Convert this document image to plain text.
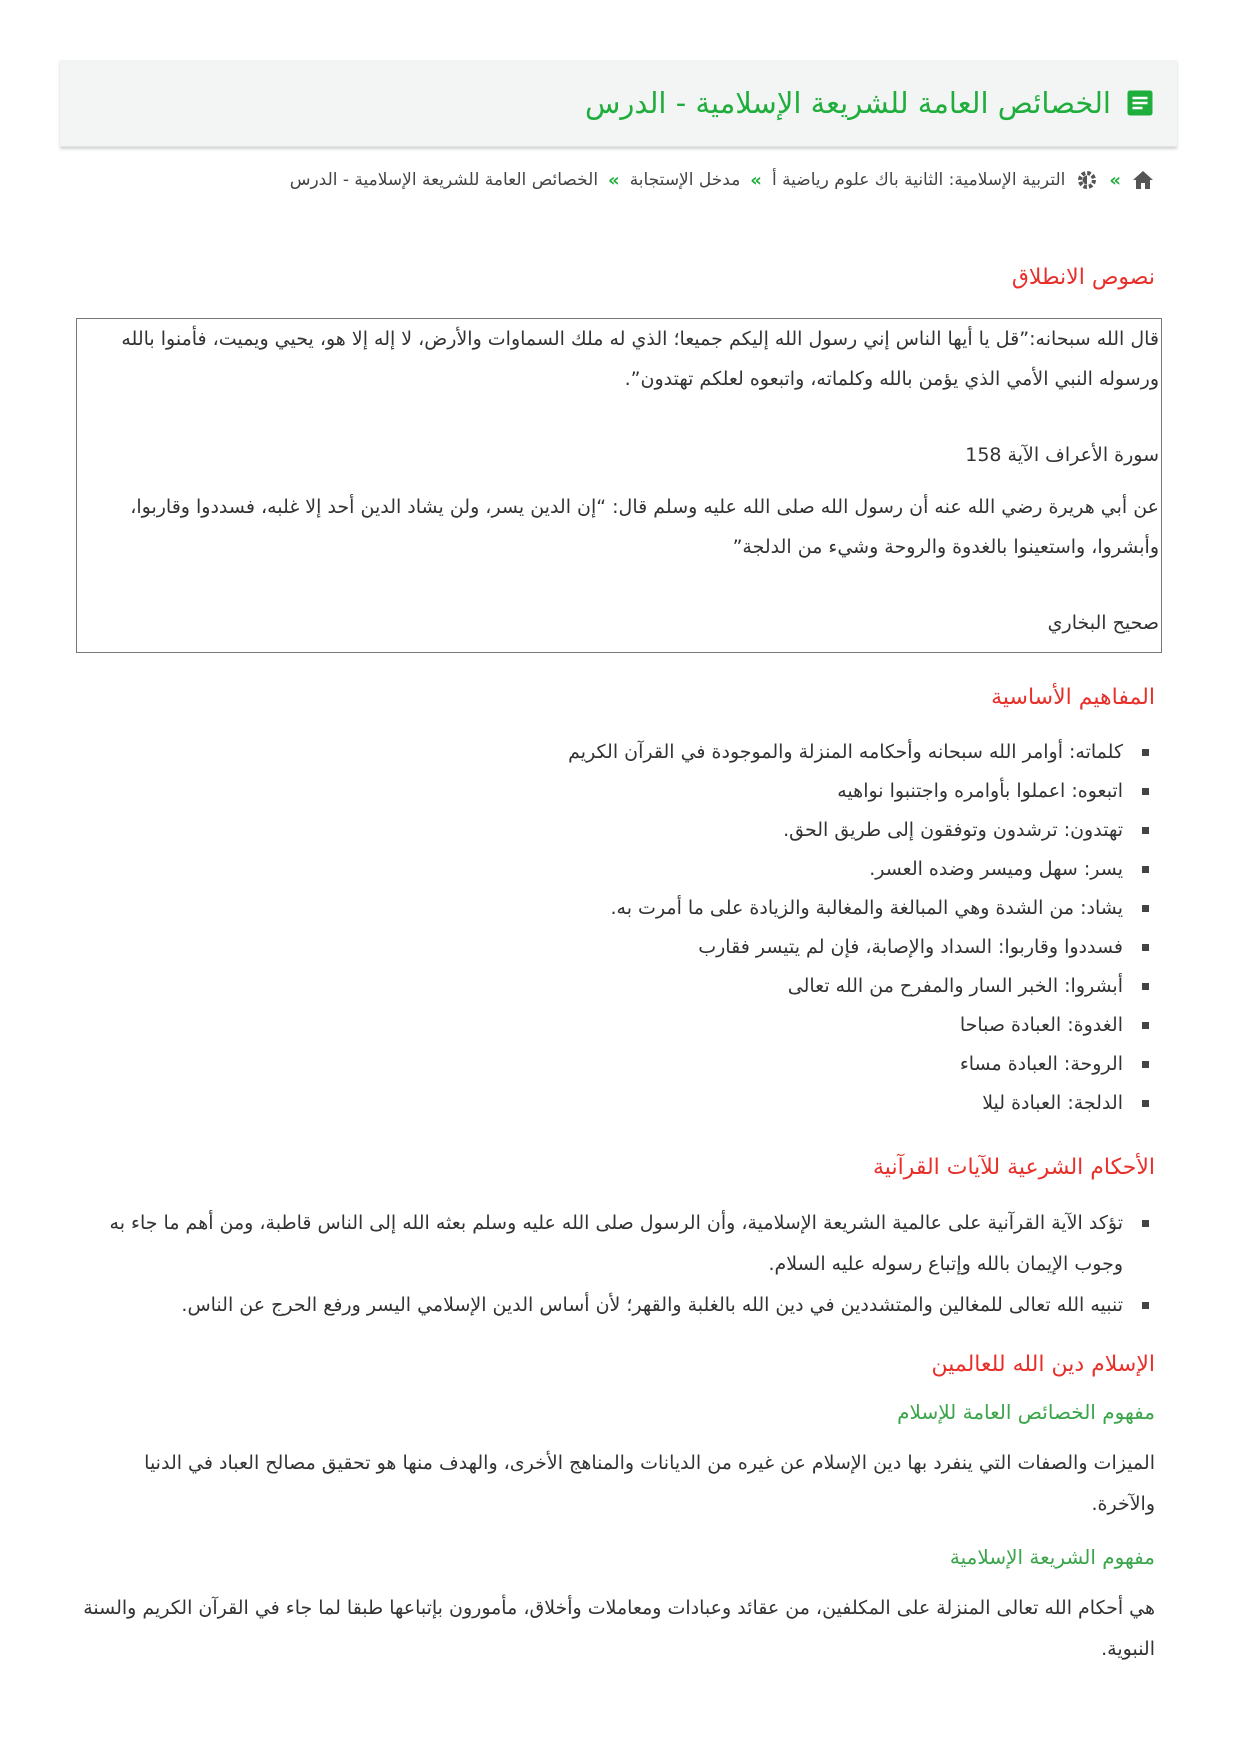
الخصائص العامة للشريعة الإسلامية - الدرس
»
التربية الإسلامية: الثانية باك علوم رياضية أ
»
مدخل الإستجابة
»
الخصائص العامة للشريعة الإسلامية - الدرس
نصوص الانطلاق

قال الله سبحانه:”قل يا أيها الناس إني رسول الله إليكم جميعا؛ الذي له ملك السماوات والأرض، لا إله إلا هو، يحيي ويميت، فأمنوا بالله ورسوله النبي الأمي الذي يؤمن بالله وكلماته، واتبعوه لعلكم تهتدون”.

سورة الأعراف الآية 158

عن أبي هريرة رضي الله عنه أن رسول الله صلى الله عليه وسلم قال: “إن الدين يسر، ولن يشاد الدين أحد إلا غلبه، فسددوا وقاربوا، وأبشروا، واستعينوا بالغدوة والروحة وشيء من الدلجة”

صحيح البخاري

المفاهيم الأساسية
كلماته: أوامر الله سبحانه وأحكامه المنزلة والموجودة في القرآن الكريم
اتبعوه: اعملوا بأوامره واجتنبوا نواهيه
تهتدون: ترشدون وتوفقون إلى طريق الحق.
يسر: سهل وميسر وضده العسر.
يشاد: من الشدة وهي المبالغة والمغالبة والزيادة على ما أمرت به.
فسددوا وقاربوا: السداد والإصابة، فإن لم يتيسر فقارب
أبشروا: الخبر السار والمفرح من الله تعالى
الغدوة: العبادة صباحا
الروحة: العبادة مساء
الدلجة: العبادة ليلا
الأحكام الشرعية للآيات القرآنية
تؤكد الآية القرآنية على عالمية الشريعة الإسلامية، وأن الرسول صلى الله عليه وسلم بعثه الله إلى الناس قاطبة، ومن أهم ما جاء به وجوب الإيمان بالله وإتباع رسوله عليه السلام.
تنبيه الله تعالى للمغالين والمتشددين في دين الله بالغلبة والقهر؛ لأن أساس الدين الإسلامي اليسر ورفع الحرج عن الناس.
الإسلام دين الله للعالمين
مفهوم الخصائص العامة للإسلام

الميزات والصفات التي ينفرد بها دين الإسلام عن غيره من الديانات والمناهج الأخرى، والهدف منها هو تحقيق مصالح العباد في الدنيا والآخرة.

مفهوم الشريعة الإسلامية

هي أحكام الله تعالى المنزلة على المكلفين، من عقائد وعبادات ومعاملات وأخلاق، مأمورون بإتباعها طبقا لما جاء في القرآن الكريم والسنة النبوية.
